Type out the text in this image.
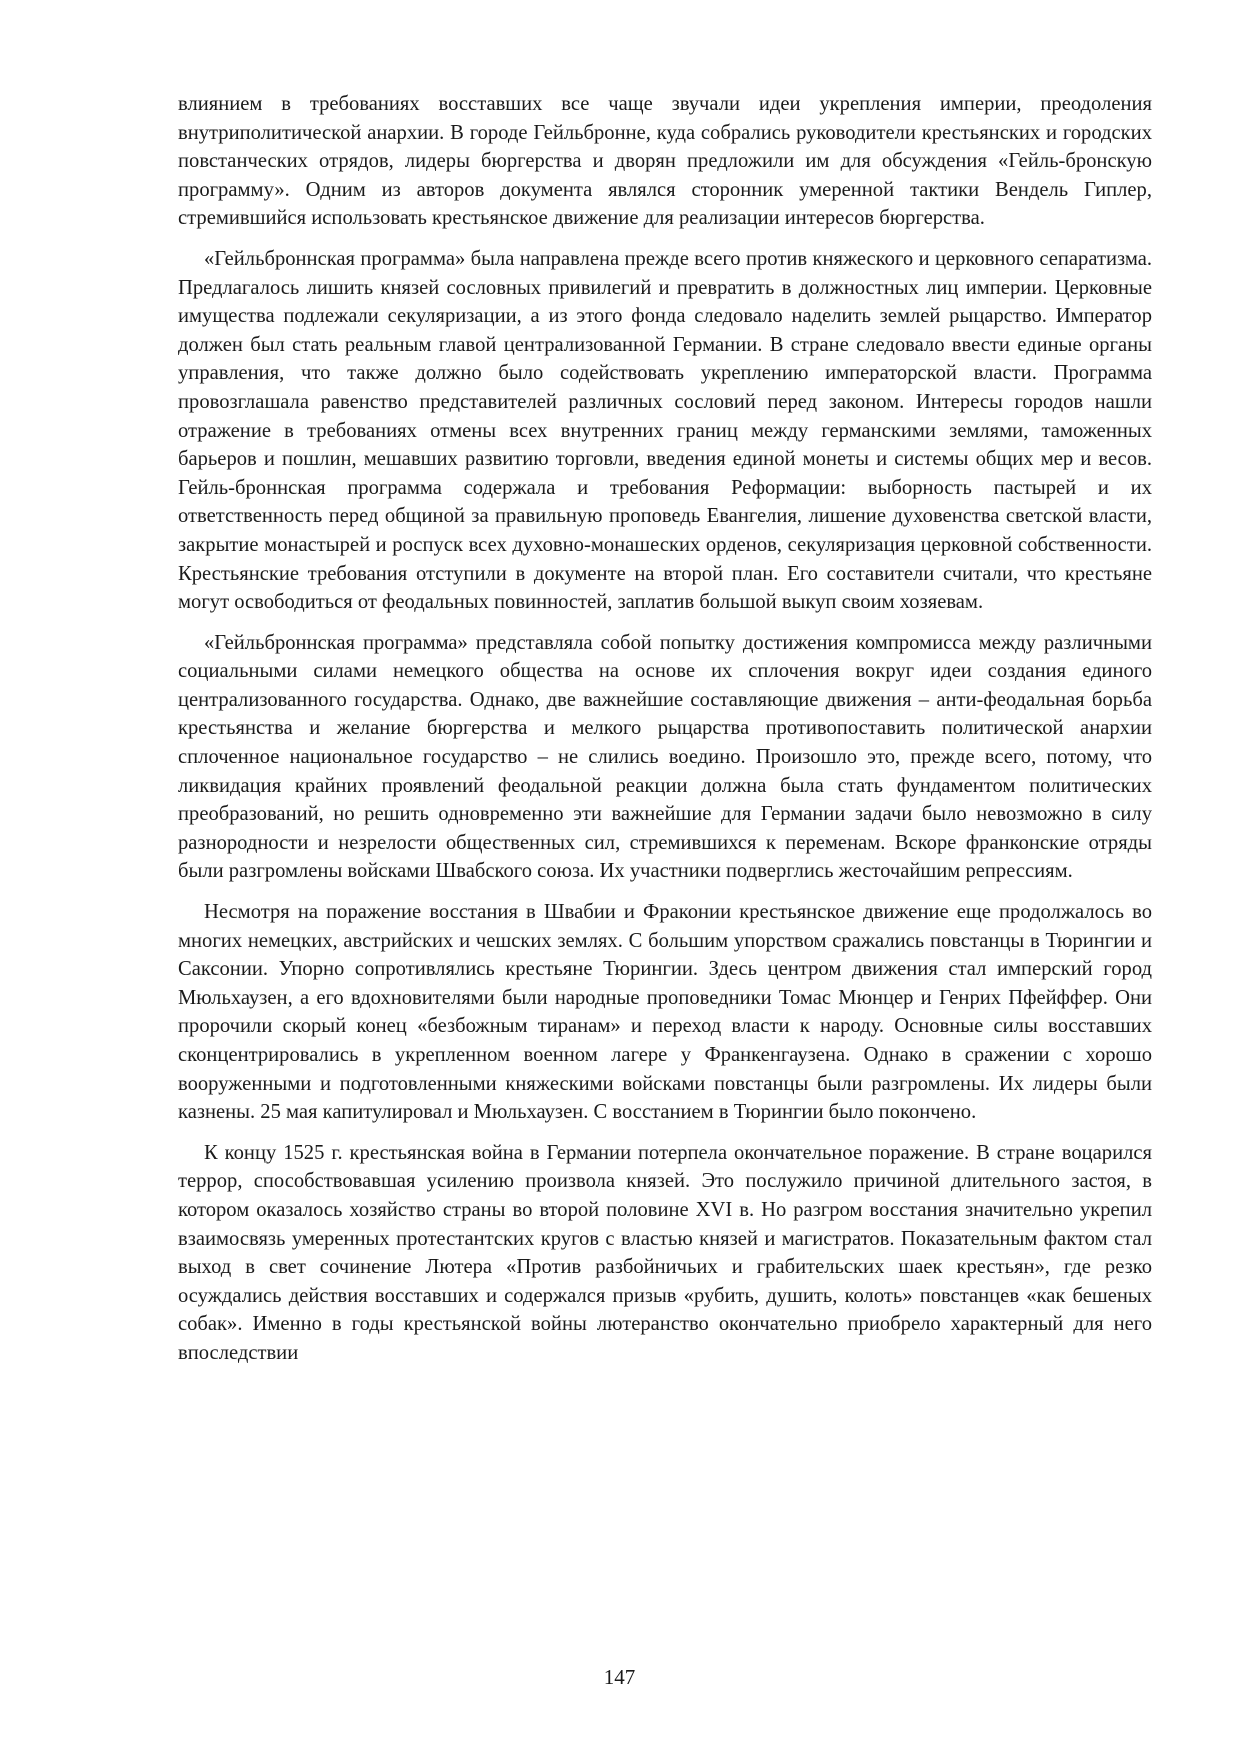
влиянием в требованиях восставших все чаще звучали идеи укрепления империи, преодоления внутриполитической анархии. В городе Гейльбронне, куда собрались руководители крестьянских и городских повстанческих отрядов, лидеры бюргерства и дворян предложили им для обсуждения «Гейль-бронскую программу». Одним из авторов документа являлся сторонник умеренной тактики Вендель Гиплер, стремившийся использовать крестьянское движение для реализации интересов бюргерства.

«Гейльброннская программа» была направлена прежде всего против княжеского и церковного сепаратизма. Предлагалось лишить князей сословных привилегий и превратить в должностных лиц империи. Церковные имущества подлежали секуляризации, а из этого фонда следовало наделить землей рыцарство. Император должен был стать реальным главой централизованной Германии. В стране следовало ввести единые органы управления, что также должно было содействовать укреплению императорской власти. Программа провозглашала равенство представителей различных сословий перед законом. Интересы городов нашли отражение в требованиях отмены всех внутренних границ между германскими землями, таможенных барьеров и пошлин, мешавших развитию торговли, введения единой монеты и системы общих мер и весов. Гейль-броннская программа содержала и требования Реформации: выборность пастырей и их ответственность перед общиной за правильную проповедь Евангелия, лишение духовенства светской власти, закрытие монастырей и роспуск всех духовно-монашеских орденов, секуляризация церковной собственности. Крестьянские требования отступили в документе на второй план. Его составители считали, что крестьяне могут освободиться от феодальных повинностей, заплатив большой выкуп своим хозяевам.

«Гейльброннская программа» представляла собой попытку достижения компромисса между различными социальными силами немецкого общества на основе их сплочения вокруг идеи создания единого централизованного государства. Однако, две важнейшие составляющие движения – анти-феодальная борьба крестьянства и желание бюргерства и мелкого рыцарства противопоставить политической анархии сплоченное национальное государство – не слились воедино. Произошло это, прежде всего, потому, что ликвидация крайних проявлений феодальной реакции должна была стать фундаментом политических преобразований, но решить одновременно эти важнейшие для Германии задачи было невозможно в силу разнородности и незрелости общественных сил, стремившихся к переменам. Вскоре франконские отряды были разгромлены войсками Швабского союза. Их участники подверглись жесточайшим репрессиям.

Несмотря на поражение восстания в Швабии и Фраконии крестьянское движение еще продолжалось во многих немецких, австрийских и чешских землях. С большим упорством сражались повстанцы в Тюрингии и Саксонии. Упорно сопротивлялись крестьяне Тюрингии. Здесь центром движения стал имперский город Мюльхаузен, а его вдохновителями были народные проповедники Томас Мюнцер и Генрих Пфейффер. Они пророчили скорый конец «безбожным тиранам» и переход власти к народу. Основные силы восставших сконцентрировались в укрепленном военном лагере у Франкенгаузена. Однако в сражении с хорошо вооруженными и подготовленными княжескими войсками повстанцы были разгромлены. Их лидеры были казнены. 25 мая капитулировал и Мюльхаузен. С восстанием в Тюрингии было покончено.

К концу 1525 г. крестьянская война в Германии потерпела окончательное поражение. В стране воцарился террор, способствовавшая усилению произвола князей. Это послужило причиной длительного застоя, в котором оказалось хозяйство страны во второй половине XVI в. Но разгром восстания значительно укрепил взаимосвязь умеренных протестантских кругов с властью князей и магистратов. Показательным фактом стал выход в свет сочинение Лютера «Против разбойничьих и грабительских шаек крестьян», где резко осуждались действия восставших и содержался призыв «рубить, душить, колоть» повстанцев «как бешеных собак». Именно в годы крестьянской войны лютеранство окончательно приобрело характерный для него впоследствии

147
